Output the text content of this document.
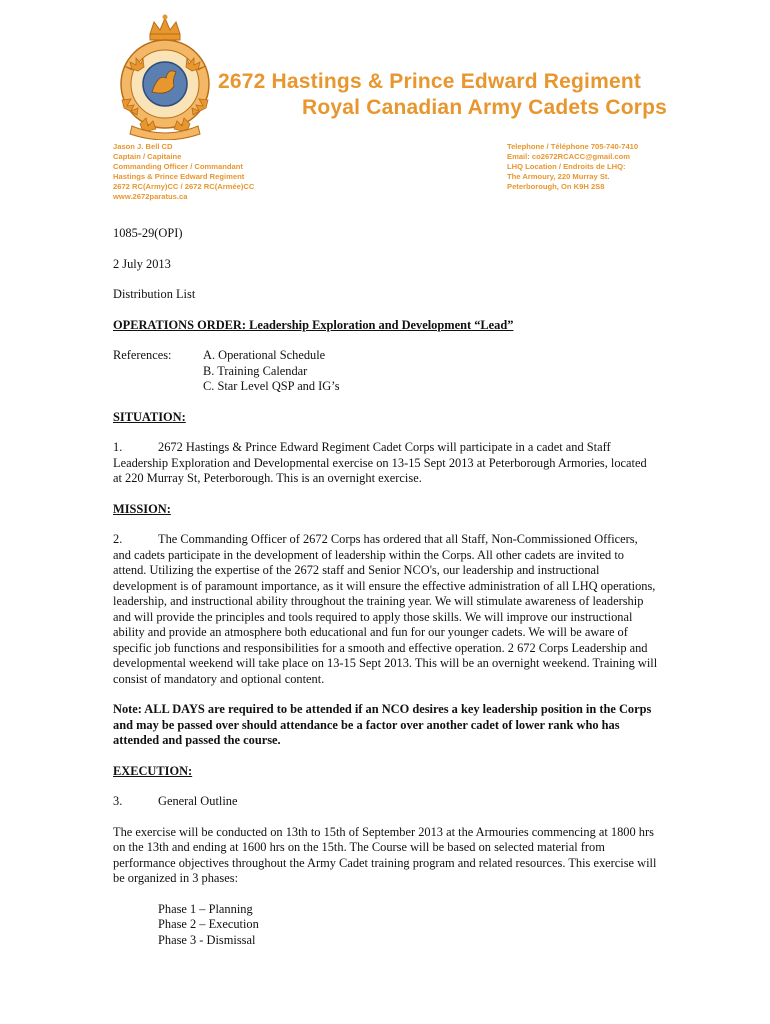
2672 Hastings & Prince Edward Regiment
Royal Canadian Army Cadets Corps
Jason J. Bell CD
Captain / Capitaine
Commanding Officer / Commandant
Hastings & Prince Edward Regiment
2672 RC(Army)CC / 2672 RC(Armée)CC
www.2672paratus.ca
Telephone / Téléphone 705-740-7410
Email: co2672RCACC@gmail.com
LHQ Location / Endroits de LHQ:
The Armoury, 220 Murray St.
Peterborough, On K9H 2S8

1085-29(OPI)

2 July 2013

Distribution List

OPERATIONS ORDER: Leadership Exploration and Development “Lead”

References:	A. Operational Schedule
B. Training Calendar
C. Star Level QSP and IG’s

SITUATION:

1.	2672 Hastings & Prince Edward Regiment Cadet Corps will participate in a cadet and Staff Leadership Exploration and Developmental exercise on 13-15 Sept 2013 at Peterborough Armories, located at 220 Murray St, Peterborough. This is an overnight exercise.

MISSION:

2.	The Commanding Officer of 2672 Corps has ordered that all Staff, Non-Commissioned Officers, and cadets participate in the development of leadership within the Corps. All other cadets are invited to attend. Utilizing the expertise of the 2672 staff and Senior NCO's, our leadership and instructional development is of paramount importance, as it will ensure the effective administration of all LHQ operations, leadership, and instructional ability throughout the training year. We will stimulate awareness of leadership and will provide the principles and tools required to apply those skills. We will improve our instructional ability and provide an atmosphere both educational and fun for our younger cadets. We will be aware of specific job functions and responsibilities for a smooth and effective operation. 2 672 Corps Leadership and developmental weekend will take place on 13-15 Sept 2013. This will be an overnight weekend. Training will consist of mandatory and optional content.

Note: ALL DAYS are required to be attended if an NCO desires a key leadership position in the Corps and may be passed over should attendance be a factor over another cadet of lower rank who has attended and passed the course.

EXECUTION:

3.	General Outline

The exercise will be conducted on 13th to 15th of September 2013 at the Armouries commencing at 1800 hrs on the 13th and ending at 1600 hrs on the 15th. The Course will be based on selected material from performance objectives throughout the Army Cadet training program and related resources. This exercise will be organized in 3 phases:

Phase 1 – Planning
Phase 2 – Execution
Phase 3 - Dismissal
